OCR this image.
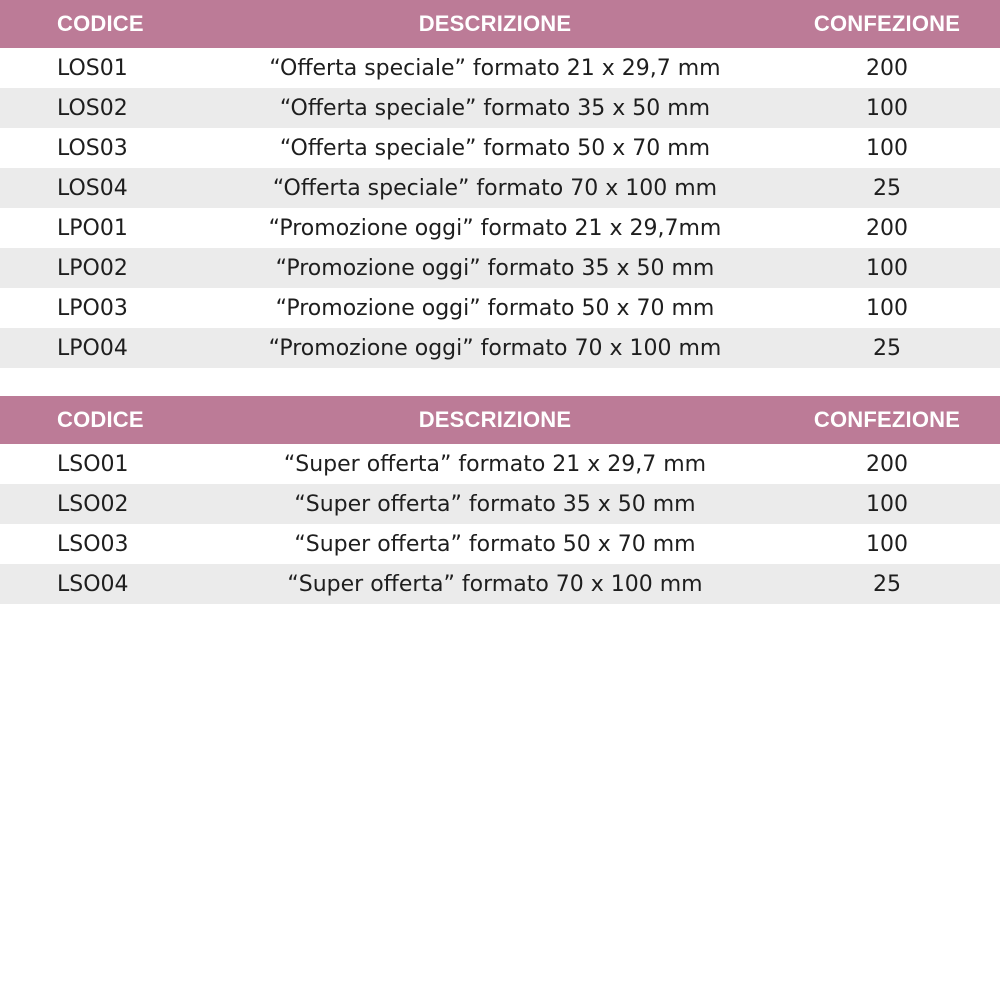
CODICE	DESCRIZIONE	CONFEZIONE
LOS01	“Offerta speciale” formato 21 x 29,7 mm	200
LOS02	“Offerta speciale” formato 35 x 50 mm	100
LOS03	“Offerta speciale” formato 50 x 70 mm	100
LOS04	“Offerta speciale” formato 70 x 100 mm	25
LPO01	“Promozione oggi” formato 21 x 29,7mm	200
LPO02	“Promozione oggi” formato 35 x 50 mm	100
LPO03	“Promozione oggi” formato 50 x 70 mm	100
LPO04	“Promozione oggi” formato 70 x 100 mm	25
CODICE	DESCRIZIONE	CONFEZIONE
LSO01	“Super offerta” formato 21 x 29,7 mm	200
LSO02	“Super offerta” formato 35 x 50 mm	100
LSO03	“Super offerta” formato 50 x 70 mm	100
LSO04	“Super offerta” formato 70 x 100 mm	25
